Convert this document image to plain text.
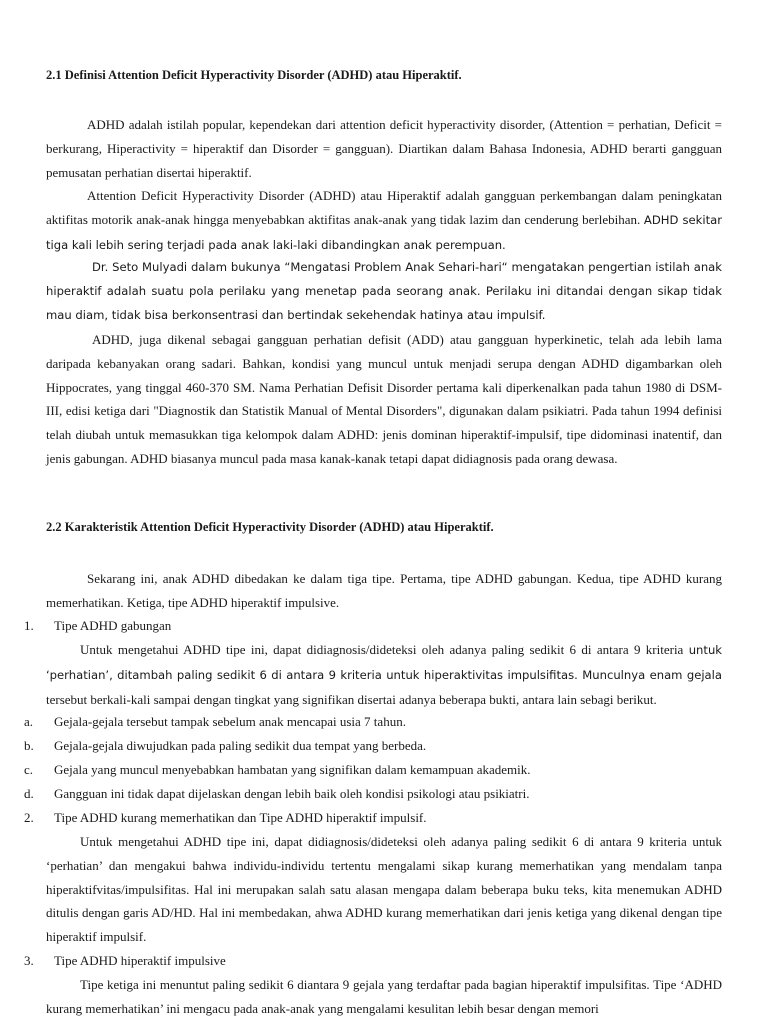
2.1 Definisi Attention Deficit Hyperactivity Disorder (ADHD) atau Hiperaktif.
ADHD adalah istilah popular, kependekan dari attention deficit hyperactivity disorder, (Attention = perhatian, Deficit = berkurang, Hiperactivity = hiperaktif dan Disorder = gangguan). Diartikan dalam Bahasa Indonesia, ADHD berarti gangguan pemusatan perhatian disertai hiperaktif.
Attention Deficit Hyperactivity Disorder (ADHD) atau Hiperaktif adalah gangguan perkembangan dalam peningkatan aktifitas motorik anak-anak hingga menyebabkan aktifitas anak-anak yang tidak lazim dan cenderung berlebihan. ADHD sekitar tiga kali lebih sering terjadi pada anak laki-laki dibandingkan anak perempuan.
Dr. Seto Mulyadi dalam bukunya “Mengatasi Problem Anak Sehari-hari“ mengatakan pengertian istilah anak hiperaktif adalah suatu pola perilaku yang menetap pada seorang anak. Perilaku ini ditandai dengan sikap tidak mau diam, tidak bisa berkonsentrasi dan bertindak sekehendak hatinya atau impulsif.
ADHD, juga dikenal sebagai gangguan perhatian defisit (ADD) atau gangguan hyperkinetic, telah ada lebih lama daripada kebanyakan orang sadari. Bahkan, kondisi yang muncul untuk menjadi serupa dengan ADHD digambarkan oleh Hippocrates, yang tinggal 460-370 SM. Nama Perhatian Defisit Disorder pertama kali diperkenalkan pada tahun 1980 di DSM-III, edisi ketiga dari "Diagnostik dan Statistik Manual of Mental Disorders", digunakan dalam psikiatri. Pada tahun 1994 definisi telah diubah untuk memasukkan tiga kelompok dalam ADHD: jenis dominan hiperaktif-impulsif, tipe didominasi inatentif, dan jenis gabungan. ADHD biasanya muncul pada masa kanak-kanak tetapi dapat didiagnosis pada orang dewasa.
2.2 Karakteristik Attention Deficit Hyperactivity Disorder (ADHD) atau Hiperaktif.
Sekarang ini, anak ADHD dibedakan ke dalam tiga tipe. Pertama, tipe ADHD gabungan. Kedua, tipe ADHD kurang memerhatikan. Ketiga, tipe ADHD hiperaktif impulsive.
1. Tipe ADHD gabungan
Untuk mengetahui ADHD tipe ini, dapat didiagnosis/dideteksi oleh adanya paling sedikit 6 di antara 9 kriteria untuk ‘perhatian’, ditambah paling sedikit 6 di antara 9 kriteria untuk hiperaktivitas impulsifitas. Munculnya enam gejala tersebut berkali-kali sampai dengan tingkat yang signifikan disertai adanya beberapa bukti, antara lain sebagi berikut.
a. Gejala-gejala tersebut tampak sebelum anak mencapai usia 7 tahun.
b. Gejala-gejala diwujudkan pada paling sedikit dua tempat yang berbeda.
c. Gejala yang muncul menyebabkan hambatan yang signifikan dalam kemampuan akademik.
d. Gangguan ini tidak dapat dijelaskan dengan lebih baik oleh kondisi psikologi atau psikiatri.
2. Tipe ADHD kurang memerhatikan dan Tipe ADHD hiperaktif impulsif.
Untuk mengetahui ADHD tipe ini, dapat didiagnosis/dideteksi oleh adanya paling sedikit 6 di antara 9 kriteria untuk ‘perhatian’ dan mengakui bahwa individu-individu tertentu mengalami sikap kurang memerhatikan yang mendalam tanpa hiperaktifvitas/impulsifitas. Hal ini merupakan salah satu alasan mengapa dalam beberapa buku teks, kita menemukan ADHD ditulis dengan garis AD/HD. Hal ini membedakan, ahwa ADHD kurang memerhatikan dari jenis ketiga yang dikenal dengan tipe hiperaktif impulsif.
3. Tipe ADHD hiperaktif impulsive
Tipe ketiga ini menuntut paling sedikit 6 diantara 9 gejala yang terdaftar pada bagian hiperaktif impulsifitas. Tipe ‘ADHD kurang memerhatikan’ ini mengacu pada anak-anak yang mengalami kesulitan lebih besar dengan memori
